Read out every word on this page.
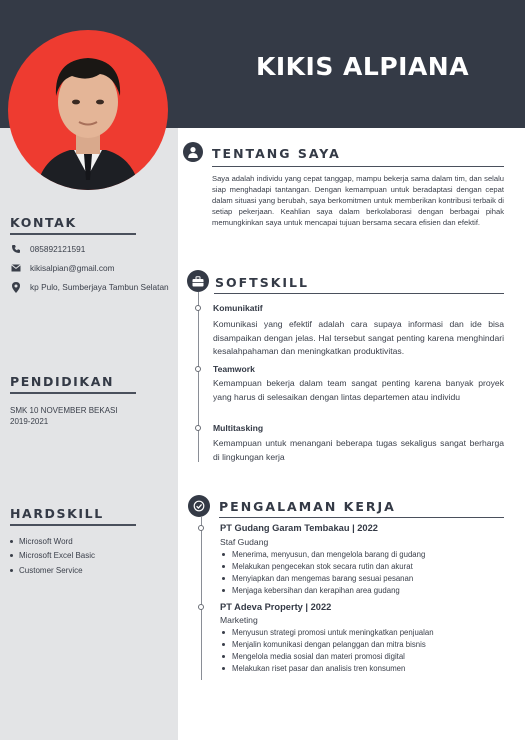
KIKIS ALPIANA
KONTAK
085892121591
kikisalpian@gmail.com
kp Pulo, Sumberjaya Tambun Selatan
PENDIDIKAN
SMK 10 NOVEMBER BEKASI
2019-2021
HARDSKILL
Microsoft Word
Microsoft Excel Basic
Customer Service
TENTANG SAYA
Saya adalah individu yang cepat tanggap, mampu bekerja sama dalam tim, dan selalu siap menghadapi tantangan. Dengan kemampuan untuk beradaptasi dengan cepat dalam situasi yang berubah, saya berkomitmen untuk memberikan kontribusi terbaik di setiap pekerjaan. Keahlian saya dalam berkolaborasi dengan berbagai pihak memungkinkan saya untuk mencapai tujuan bersama secara efisien dan efektif.
SOFTSKILL
Komunikatif
Komunikasi yang efektif adalah cara supaya informasi dan ide bisa disampaikan dengan jelas. Hal tersebut sangat penting karena menghindari kesalahpahaman dan meningkatkan produktivitas.
Teamwork
Kemampuan bekerja dalam team sangat penting karena banyak proyek yang harus di selesaikan dengan lintas departemen atau individu
Multitasking
Kemampuan untuk menangani beberapa tugas sekaligus sangat berharga di lingkungan kerja
PENGALAMAN KERJA
PT Gudang Garam Tembakau | 2022
Staf Gudang
Menerima, menyusun, dan mengelola barang di gudang
Melakukan pengecekan stok secara rutin dan akurat
Menyiapkan dan mengemas barang sesuai pesanan
Menjaga kebersihan dan kerapihan area gudang
PT Adeva Property | 2022
Marketing
Menyusun strategi promosi untuk meningkatkan penjualan
Menjalin komunikasi dengan pelanggan dan mitra bisnis
Mengelola media sosial dan materi promosi digital
Melakukan riset pasar dan analisis tren konsumen
